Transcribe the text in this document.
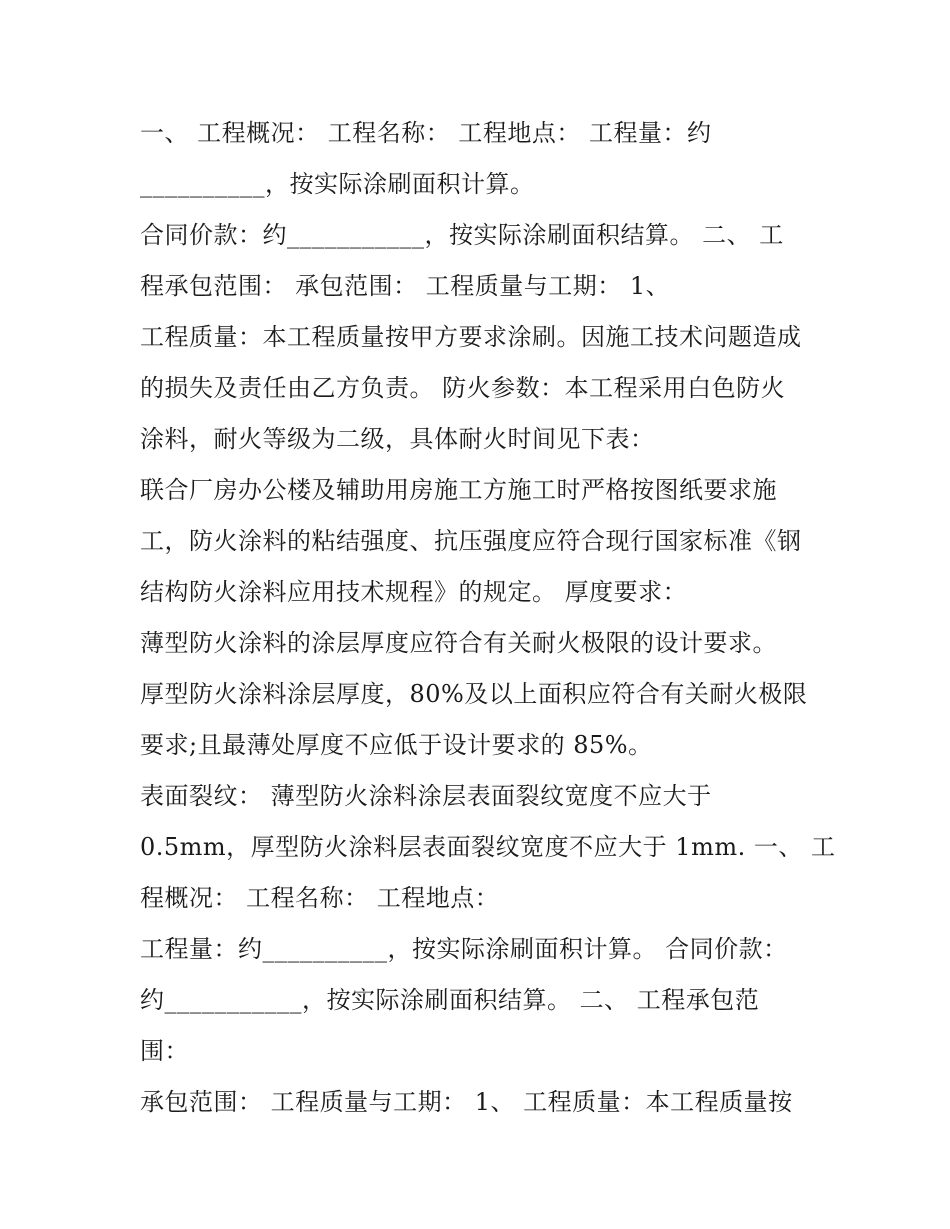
一、 工程概况： 工程名称： 工程地点： 工程量：约
__________，按实际涂刷面积计算。
合同价款：约___________，按实际涂刷面积结算。 二、 工
程承包范围： 承包范围： 工程质量与工期： 1、
工程质量：本工程质量按甲方要求涂刷。因施工技术问题造成
的损失及责任由乙方负责。 防火参数：本工程采用白色防火
涂料，耐火等级为二级，具体耐火时间见下表：
联合厂房办公楼及辅助用房施工方施工时严格按图纸要求施
工，防火涂料的粘结强度、抗压强度应符合现行国家标准《钢
结构防火涂料应用技术规程》的规定。 厚度要求：
薄型防火涂料的涂层厚度应符合有关耐火极限的设计要求。
厚型防火涂料涂层厚度，80%及以上面积应符合有关耐火极限
要求;且最薄处厚度不应低于设计要求的 85%。
表面裂纹： 薄型防火涂料涂层表面裂纹宽度不应大于
0.5mm，厚型防火涂料层表面裂纹宽度不应大于 1mm. 一、 工
程概况： 工程名称： 工程地点：
工程量：约__________，按实际涂刷面积计算。 合同价款：
约___________，按实际涂刷面积结算。 二、 工程承包范
围：
承包范围： 工程质量与工期： 1、 工程质量：本工程质量按
